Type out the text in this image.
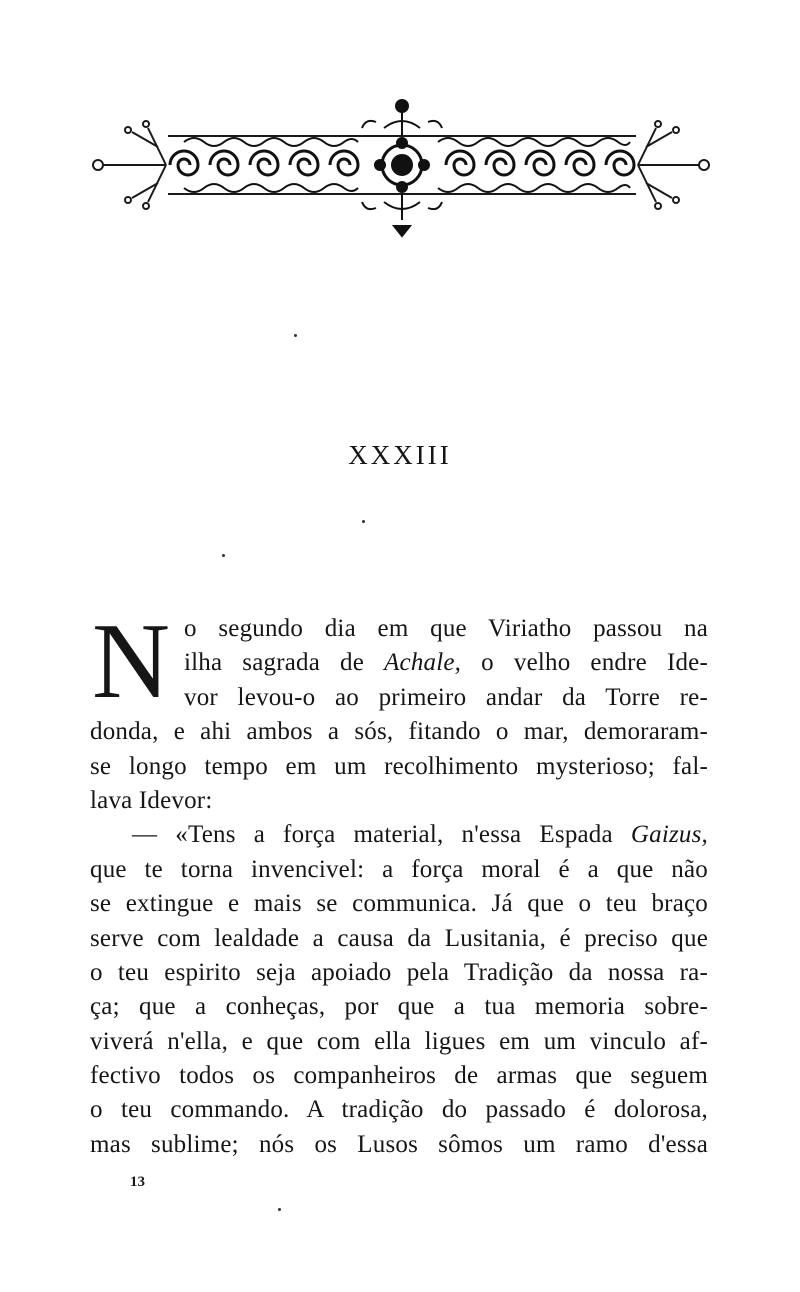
XXXIII
N o segundo dia em que Viriatho passou na
ilha sagrada de Achale, o velho endre Ide-
vor levou-o ao primeiro andar da Torre re-
donda, e ahi ambos a sós, fitando o mar, demoraram-
se longo tempo em um recolhimento mysterioso; fal-
lava Idevor:
— «Tens a força material, n'essa Espada Gaizus,
que te torna invencivel: a força moral é a que não
se extingue e mais se communica. Já que o teu braço
serve com lealdade a causa da Lusitania, é preciso que
o teu espirito seja apoiado pela Tradição da nossa ra-
ça; que a conheças, por que a tua memoria sobre-
viverá n'ella, e que com ella ligues em um vinculo af-
fectivo todos os companheiros de armas que seguem
o teu commando. A tradição do passado é dolorosa,
mas sublime; nós os Lusos sômos um ramo d'essa
13
